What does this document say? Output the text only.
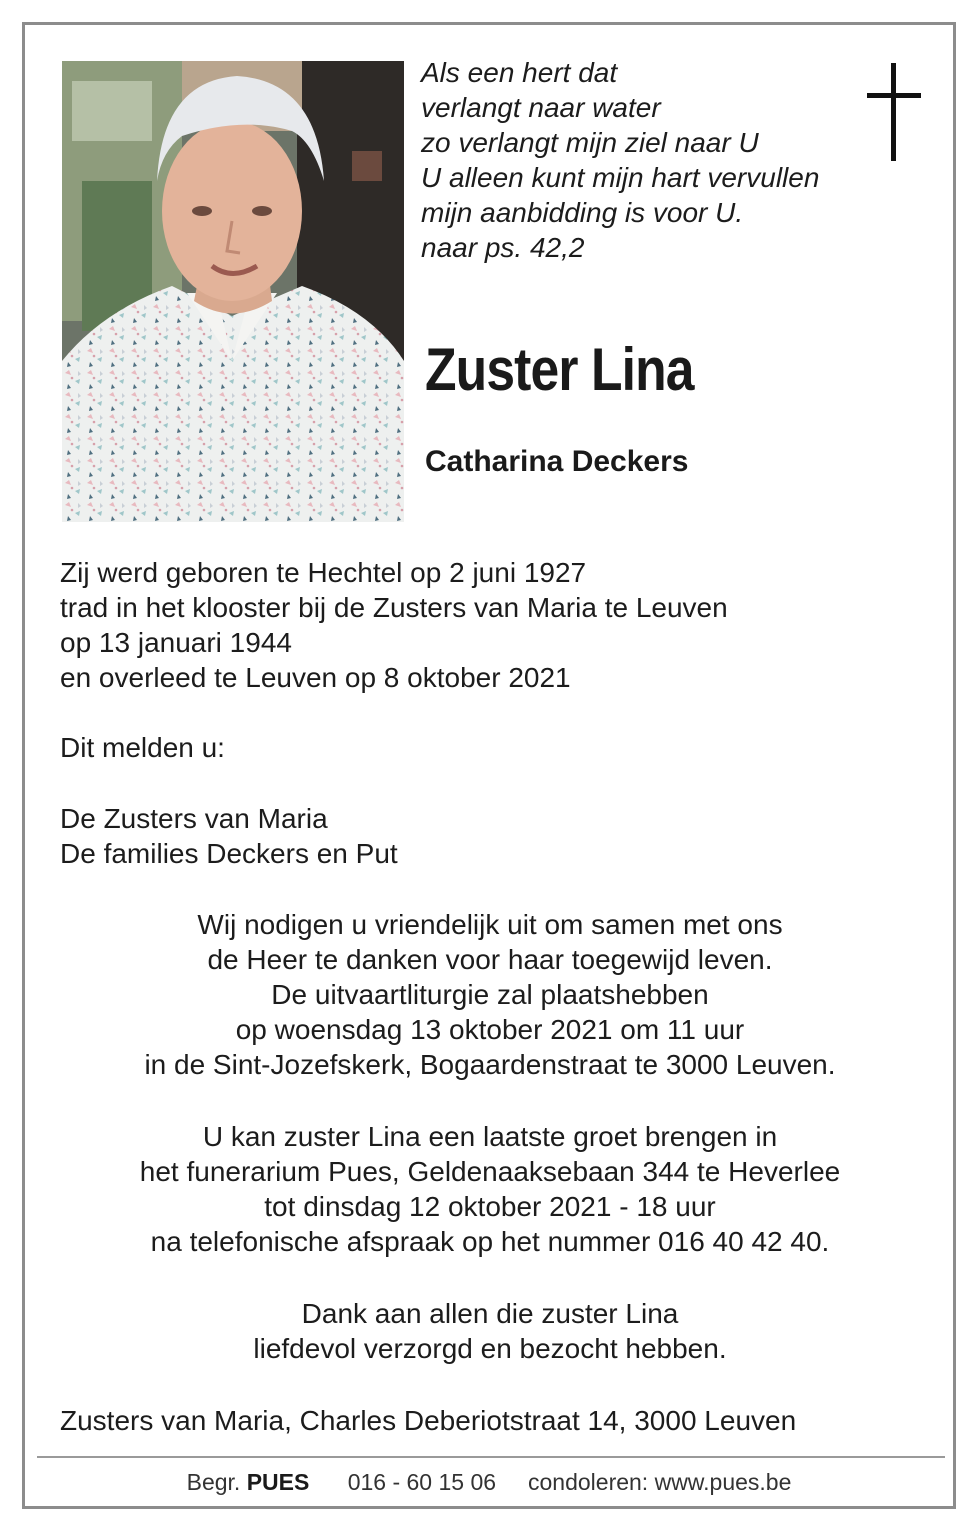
Als een hert dat
verlangt naar water
zo verlangt mijn ziel naar U
U alleen kunt mijn hart vervullen
mijn aanbidding is voor U.
naar ps. 42,2
Zuster Lina
Catharina Deckers
Zij werd geboren te Hechtel op 2 juni 1927
trad in het klooster bij de Zusters van Maria te Leuven
op 13 januari 1944
en overleed te Leuven op 8 oktober 2021
Dit melden u:
De Zusters van Maria
De families Deckers en Put
Wij nodigen u vriendelijk uit om samen met ons
de Heer te danken voor haar toegewijd leven.
De uitvaartliturgie zal plaatshebben
op woensdag 13 oktober 2021 om 11 uur
in de Sint-Jozefskerk, Bogaardenstraat te 3000 Leuven.
U kan zuster Lina een laatste groet brengen in
het funerarium Pues, Geldenaaksebaan 344 te Heverlee
tot dinsdag 12 oktober 2021 - 18 uur
na telefonische afspraak op het nummer 016 40 42 40.
Dank aan allen die zuster Lina
liefdevol verzorgd en bezocht hebben.
Zusters van Maria, Charles Deberiotstraat 14, 3000 Leuven
Begr. PUES 016 - 60 15 06 condoleren: www.pues.be
